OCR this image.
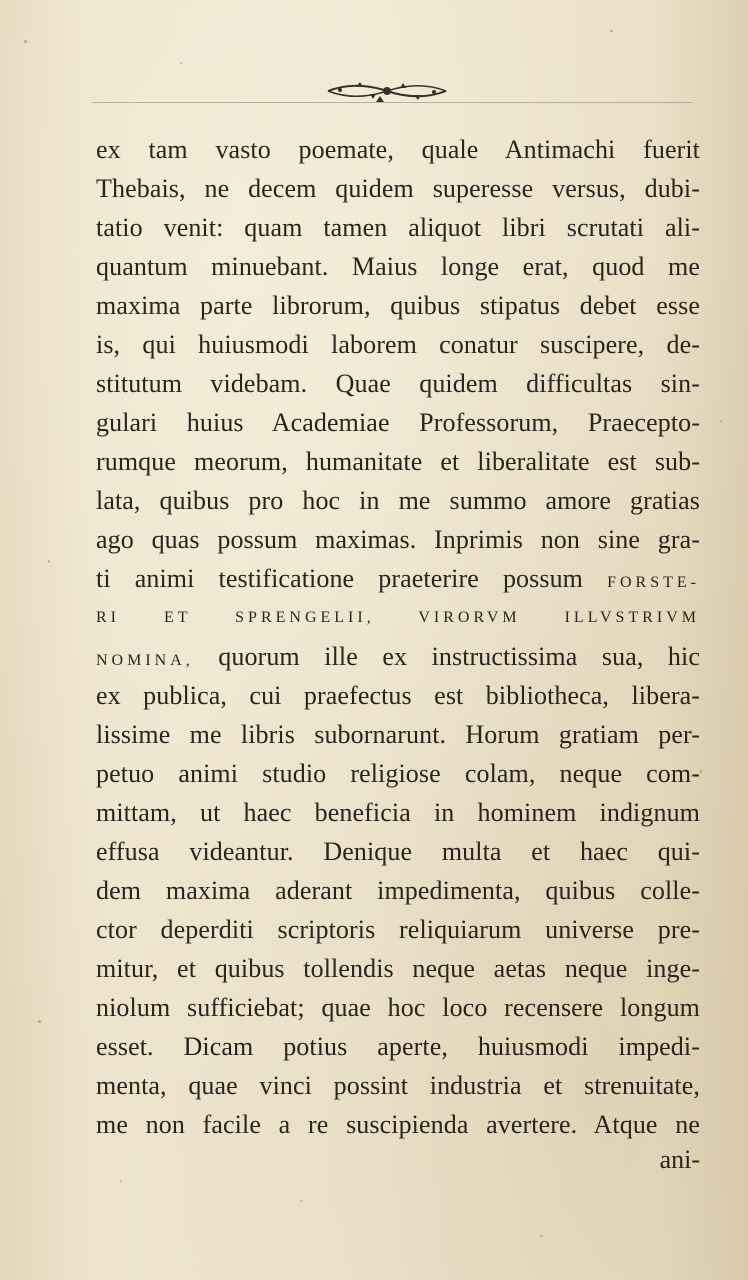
ex tam vasto poemate, quale Antimachi fuerit
Thebais, ne decem quidem superesse versus, dubi-
tatio venit: quam tamen aliquot libri scrutati ali-
quantum minuebant. Maius longe erat, quod me
maxima parte librorum, quibus stipatus debet esse
is, qui huiusmodi laborem conatur suscipere, de-
stitutum videbam. Quae quidem difficultas sin-
gulari huius Academiae Professorum, Praecepto-
rumque meorum, humanitate et liberalitate est sub-
lata, quibus pro hoc in me summo amore gratias
ago quas possum maximas. Inprimis non sine gra-
ti animi testificatione praeterire possum FORSTE-
RI ET SPRENGELII, VIRORVM ILLVSTRIVM
NOMINA, quorum ille ex instructissima sua, hic
ex publica, cui praefectus est bibliotheca, libera-
lissime me libris subornarunt. Horum gratiam per-
petuo animi studio religiose colam, neque com-
mittam, ut haec beneficia in hominem indignum
effusa videantur. Denique multa et haec qui-
dem maxima aderant impedimenta, quibus colle-
ctor deperditi scriptoris reliquiarum universe pre-
mitur, et quibus tollendis neque aetas neque inge-
niolum sufficiebat; quae hoc loco recensere longum
esset. Dicam potius aperte, huiusmodi impedi-
menta, quae vinci possint industria et strenuitate,
me non facile a re suscipienda avertere. Atque ne
ani-
